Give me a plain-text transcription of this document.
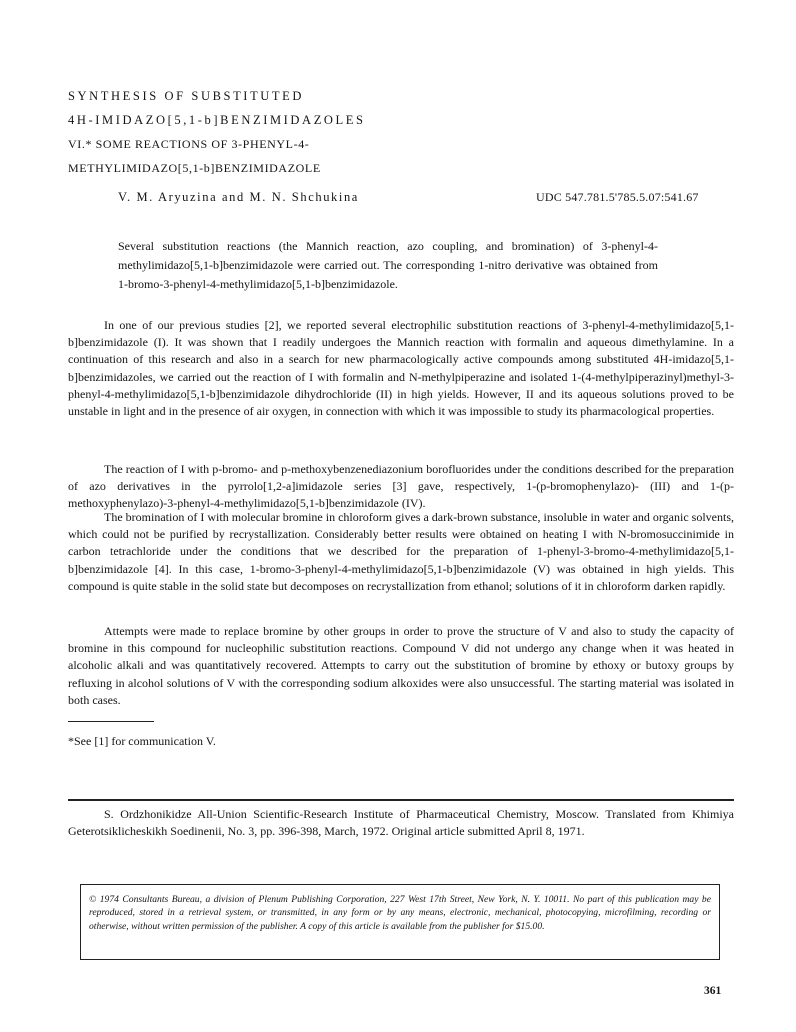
SYNTHESIS OF SUBSTITUTED
4H-IMIDAZO[5,1-b]BENZIMIDAZOLES
VI.* SOME REACTIONS OF 3-PHENYL-4-
METHYLIMIDAZO[5,1-b]BENZIMIDAZOLE
V. M. Aryuzina and M. N. Shchukina	UDC 547.781.5'785.5.07:541.67
Several substitution reactions (the Mannich reaction, azo coupling, and bromination) of 3-phenyl-4-methylimidazo[5,1-b]benzimidazole were carried out. The corresponding 1-nitro derivative was obtained from 1-bromo-3-phenyl-4-methylimidazo[5,1-b]benzimidazole.

In one of our previous studies [2], we reported several electrophilic substitution reactions of 3-phenyl-4-methylimidazo[5,1-b]benzimidazole (I). It was shown that I readily undergoes the Mannich reaction with formalin and aqueous dimethylamine. In a continuation of this research and also in a search for new pharmacologically active compounds among substituted 4H-imidazo[5,1-b]benzimidazoles, we carried out the reaction of I with formalin and N-methylpiperazine and isolated 1-(4-methylpiperazinyl)methyl-3-phenyl-4-methylimidazo[5,1-b]benzimidazole dihydrochloride (II) in high yields. However, II and its aqueous solutions proved to be unstable in light and in the presence of air oxygen, in connection with which it was impossible to study its pharmacological properties.

The reaction of I with p-bromo- and p-methoxybenzenediazonium borofluorides under the conditions described for the preparation of azo derivatives in the pyrrolo[1,2-a]imidazole series [3] gave, respectively, 1-(p-bromophenylazo)- (III) and 1-(p-methoxyphenylazo)-3-phenyl-4-methylimidazo[5,1-b]benzimidazole (IV).

The bromination of I with molecular bromine in chloroform gives a dark-brown substance, insoluble in water and organic solvents, which could not be purified by recrystallization. Considerably better results were obtained on heating I with N-bromosuccinimide in carbon tetrachloride under the conditions that we described for the preparation of 1-phenyl-3-bromo-4-methylimidazo[5,1-b]benzimidazole [4]. In this case, 1-bromo-3-phenyl-4-methylimidazo[5,1-b]benzimidazole (V) was obtained in high yields. This compound is quite stable in the solid state but decomposes on recrystallization from ethanol; solutions of it in chloroform darken rapidly.

Attempts were made to replace bromine by other groups in order to prove the structure of V and also to study the capacity of bromine in this compound for nucleophilic substitution reactions. Compound V did not undergo any change when it was heated in alcoholic alkali and was quantitatively recovered. Attempts to carry out the substitution of bromine by ethoxy or butoxy groups by refluxing in alcohol solutions of V with the corresponding sodium alkoxides were also unsuccessful. The starting material was isolated in both cases.

*See [1] for communication V.

S. Ordzhonikidze All-Union Scientific-Research Institute of Pharmaceutical Chemistry, Moscow. Translated from Khimiya Geterotsiklicheskikh Soedinenii, No. 3, pp. 396-398, March, 1972. Original article submitted April 8, 1971.

© 1974 Consultants Bureau, a division of Plenum Publishing Corporation, 227 West 17th Street, New York, N. Y. 10011. No part of this publication may be reproduced, stored in a retrieval system, or transmitted, in any form or by any means, electronic, mechanical, photocopying, microfilming, recording or otherwise, without written permission of the publisher. A copy of this article is available from the publisher for $15.00.
361
